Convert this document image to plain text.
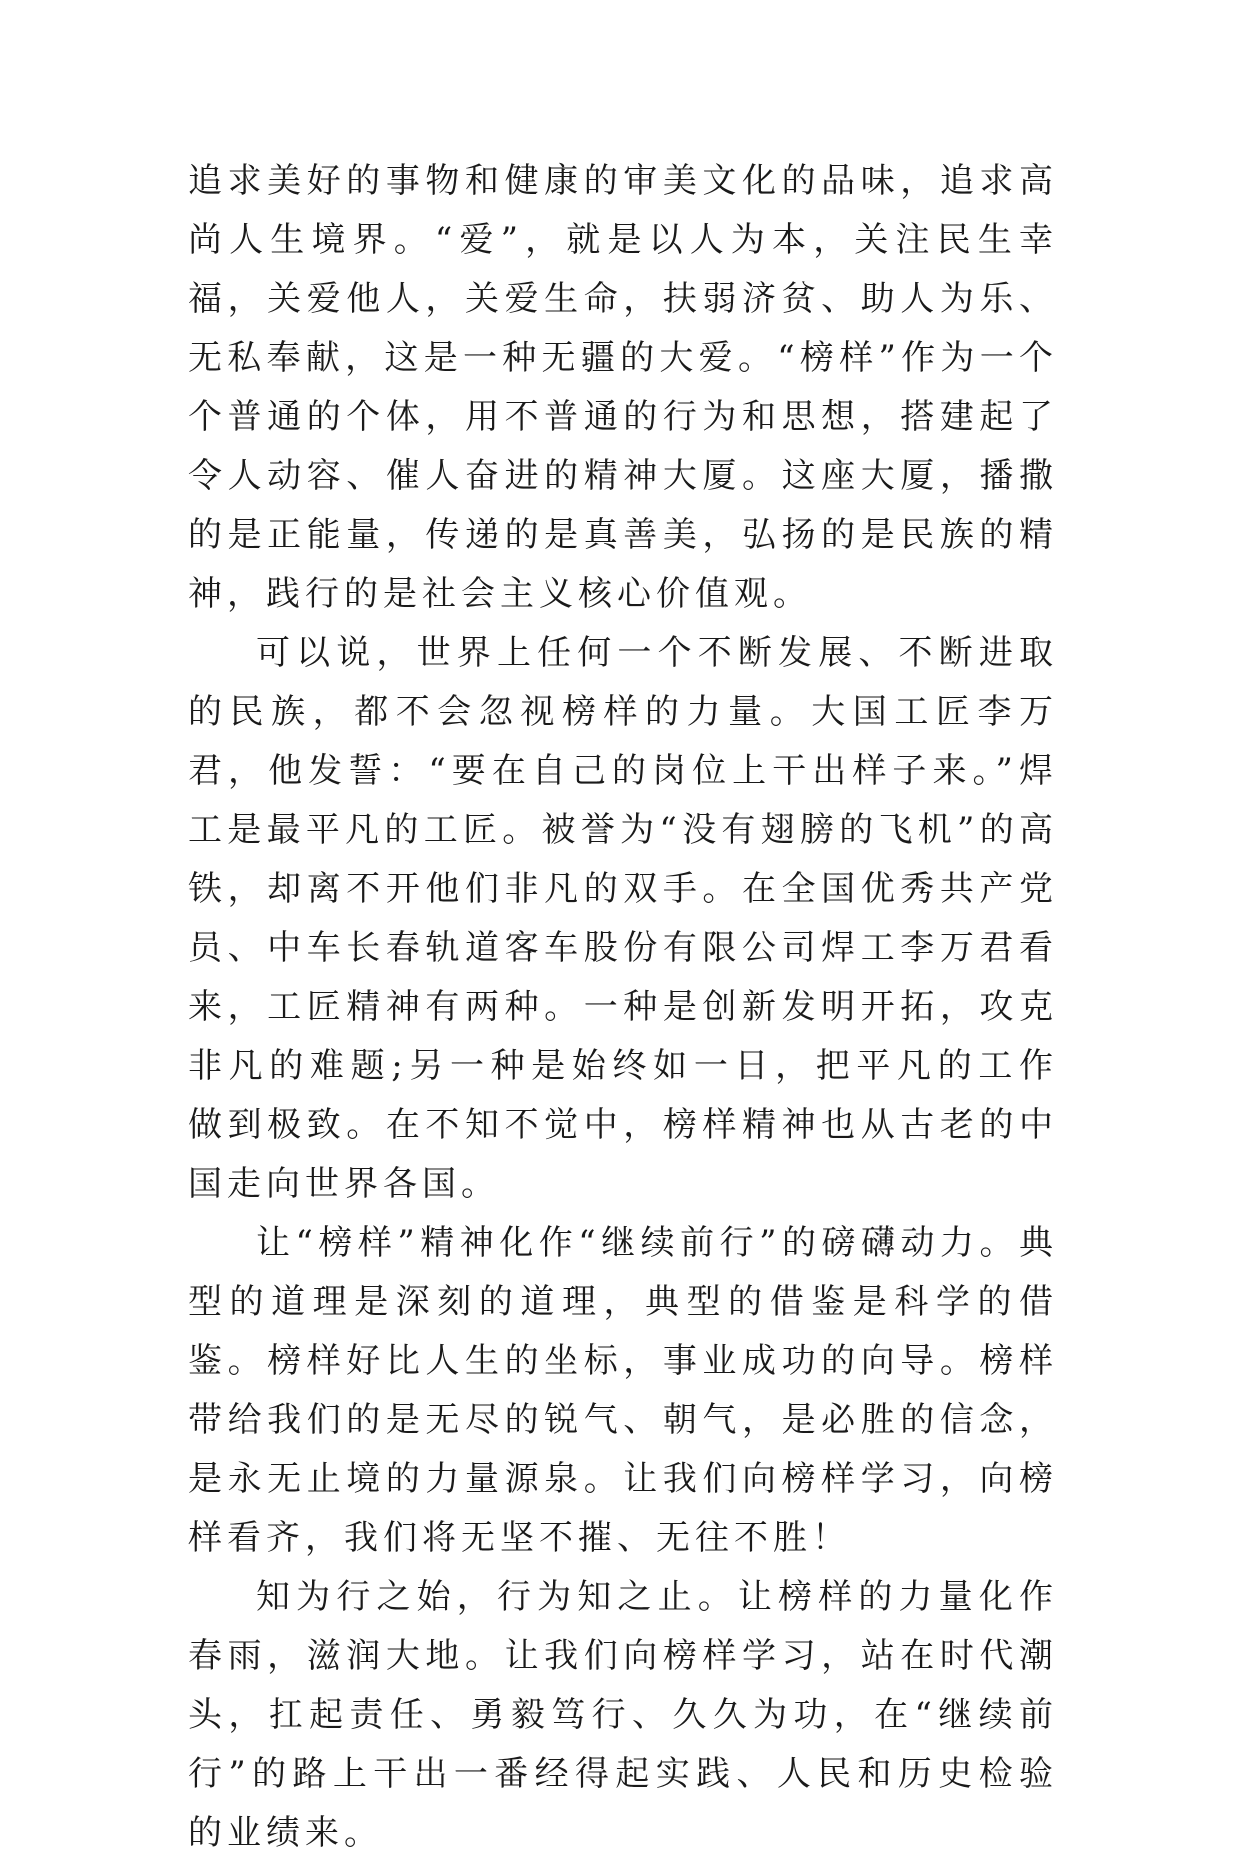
追求美好的事物和健康的审美文化的品味，追求高尚人生境界。“爱”，就是以人为本，关注民生幸福，关爱他人，关爱生命，扶弱济贫、助人为乐、无私奉献，这是一种无疆的大爱。“榜样”作为一个个普通的个体，用不普通的行为和思想，搭建起了令人动容、催人奋进的精神大厦。这座大厦，播撒的是正能量，传递的是真善美，弘扬的是民族的精神，践行的是社会主义核心价值观。

可以说，世界上任何一个不断发展、不断进取的民族，都不会忽视榜样的力量。大国工匠李万君，他发誓：“要在自己的岗位上干出样子来。”焊工是最平凡的工匠。被誉为“没有翅膀的飞机”的高铁，却离不开他们非凡的双手。在全国优秀共产党员、中车长春轨道客车股份有限公司焊工李万君看来，工匠精神有两种。一种是创新发明开拓，攻克非凡的难题;另一种是始终如一日，把平凡的工作做到极致。在不知不觉中，榜样精神也从古老的中国走向世界各国。

让“榜样”精神化作“继续前行”的磅礴动力。典型的道理是深刻的道理，典型的借鉴是科学的借鉴。榜样好比人生的坐标，事业成功的向导。榜样带给我们的是无尽的锐气、朝气，是必胜的信念，是永无止境的力量源泉。让我们向榜样学习，向榜样看齐，我们将无坚不摧、无往不胜！

知为行之始，行为知之止。让榜样的力量化作春雨，滋润大地。让我们向榜样学习，站在时代潮头，扛起责任、勇毅笃行、久久为功，在“继续前行”的路上干出一番经得起实践、人民和历史检验的业绩来。
